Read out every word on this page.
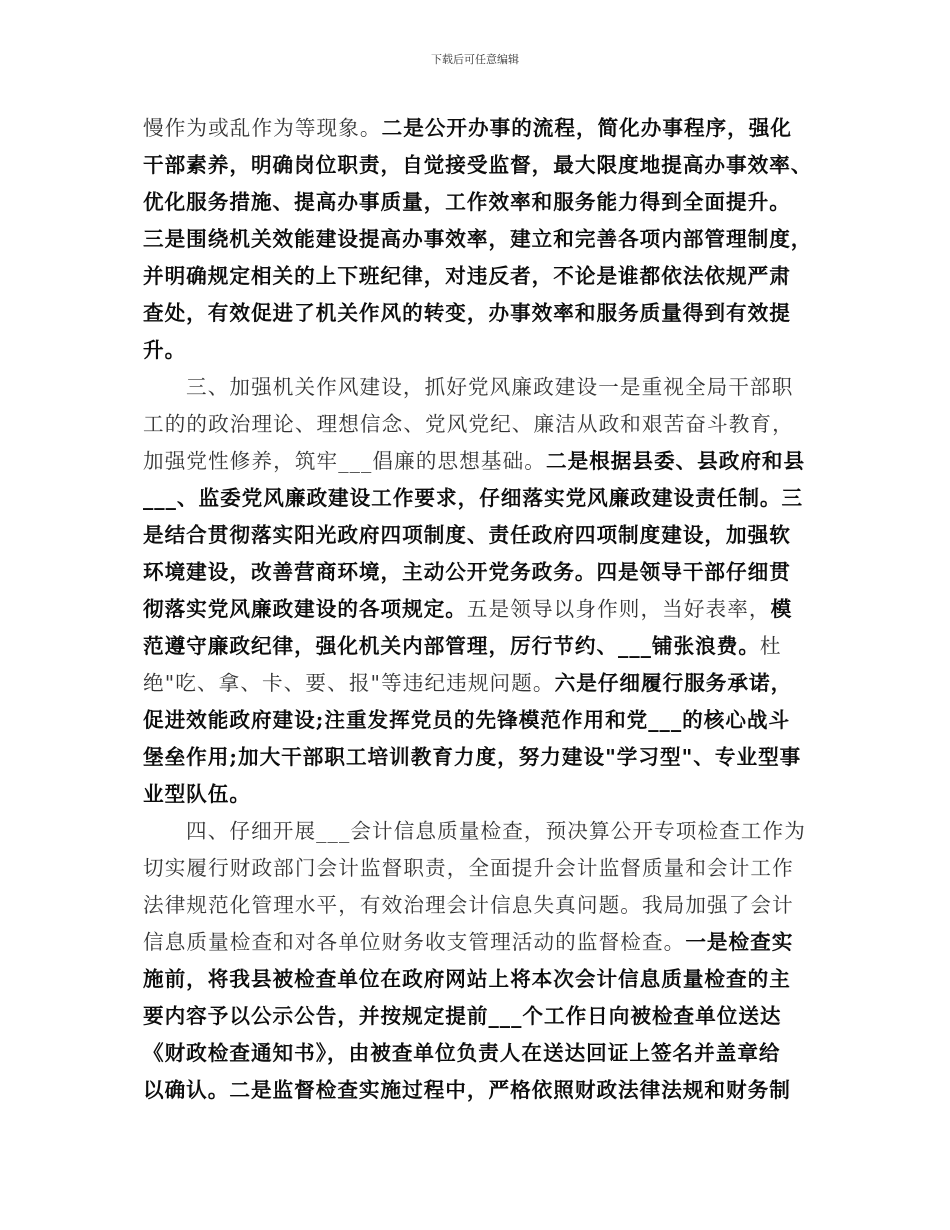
下载后可任意编辑
慢作为或乱作为等现象。二是公开办事的流程，简化办事程序，强化
干部素养，明确岗位职责，自觉接受监督，最大限度地提高办事效率、
优化服务措施、提高办事质量，工作效率和服务能力得到全面提升。
三是围绕机关效能建设提高办事效率，建立和完善各项内部管理制度，
并明确规定相关的上下班纪律，对违反者，不论是谁都依法依规严肃
查处，有效促进了机关作风的转变，办事效率和服务质量得到有效提
升。
三、加强机关作风建设，抓好党风廉政建设一是重视全局干部职
工的的政治理论、理想信念、党风党纪、廉洁从政和艰苦奋斗教育，
加强党性修养，筑牢___倡廉的思想基础。二是根据县委、县政府和县
___、监委党风廉政建设工作要求，仔细落实党风廉政建设责任制。三
是结合贯彻落实阳光政府四项制度、责任政府四项制度建设，加强软
环境建设，改善营商环境，主动公开党务政务。四是领导干部仔细贯
彻落实党风廉政建设的各项规定。五是领导以身作则，当好表率，模
范遵守廉政纪律，强化机关内部管理，厉行节约、___铺张浪费。杜
绝"吃、拿、卡、要、报"等违纪违规问题。六是仔细履行服务承诺，
促进效能政府建设;注重发挥党员的先锋模范作用和党___的核心战斗
堡垒作用;加大干部职工培训教育力度，努力建设"学习型"、专业型事
业型队伍。
四、仔细开展___会计信息质量检查，预决算公开专项检查工作为
切实履行财政部门会计监督职责，全面提升会计监督质量和会计工作
法律规范化管理水平，有效治理会计信息失真问题。我局加强了会计
信息质量检查和对各单位财务收支管理活动的监督检查。一是检查实
施前，将我县被检查单位在政府网站上将本次会计信息质量检查的主
要内容予以公示公告，并按规定提前___个工作日向被检查单位送达
《财政检查通知书》，由被查单位负责人在送达回证上签名并盖章给
以确认。二是监督检查实施过程中，严格依照财政法律法规和财务制
